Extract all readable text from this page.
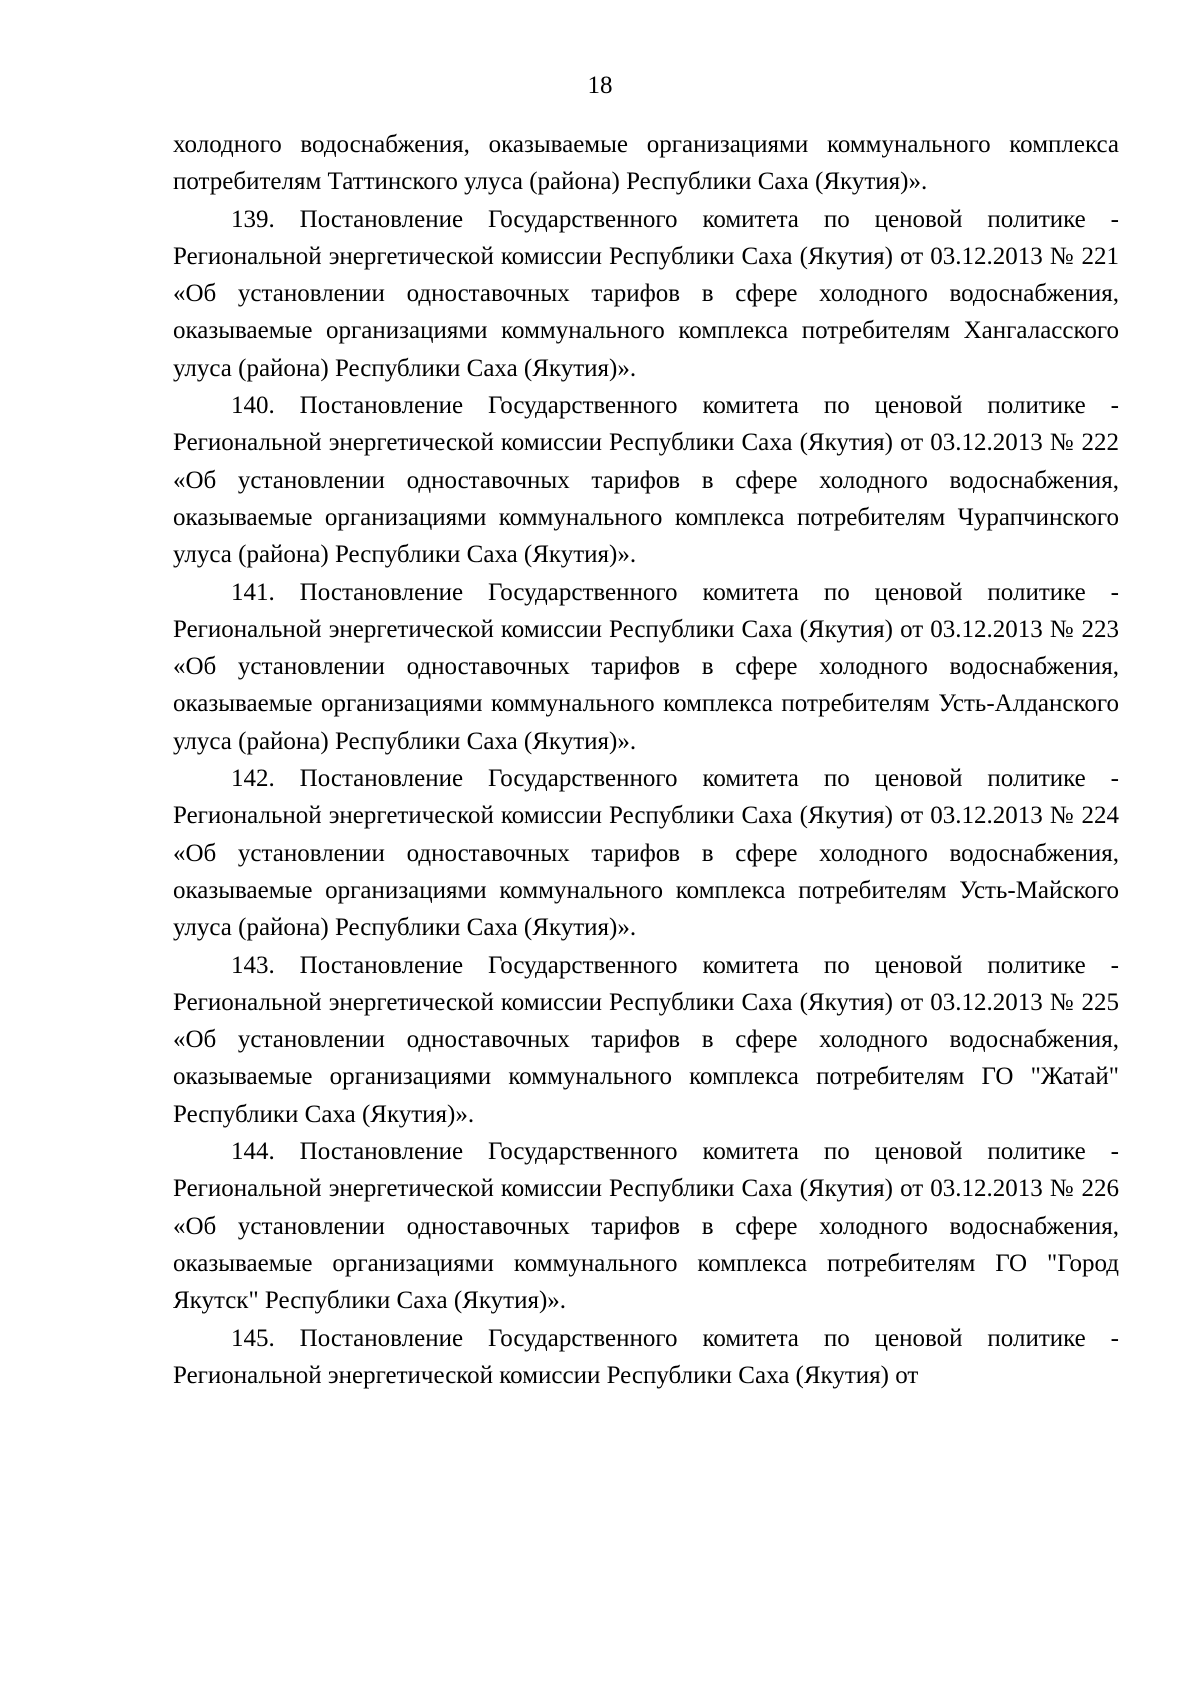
18

холодного водоснабжения, оказываемые организациями коммунального комплекса потребителям Таттинского улуса (района) Республики Саха (Якутия)».

139. Постановление Государственного комитета по ценовой политике - Региональной энергетической комиссии Республики Саха (Якутия) от 03.12.2013 № 221 «Об установлении одноставочных тарифов в сфере холодного водоснабжения, оказываемые организациями коммунального комплекса потребителям Хангаласского улуса (района) Республики Саха (Якутия)».

140. Постановление Государственного комитета по ценовой политике - Региональной энергетической комиссии Республики Саха (Якутия) от 03.12.2013 № 222 «Об установлении одноставочных тарифов в сфере холодного водоснабжения, оказываемые организациями коммунального комплекса потребителям Чурапчинского улуса (района) Республики Саха (Якутия)».

141. Постановление Государственного комитета по ценовой политике - Региональной энергетической комиссии Республики Саха (Якутия) от 03.12.2013 № 223 «Об установлении одноставочных тарифов в сфере холодного водоснабжения, оказываемые организациями коммунального комплекса потребителям Усть-Алданского улуса (района) Республики Саха (Якутия)».

142. Постановление Государственного комитета по ценовой политике - Региональной энергетической комиссии Республики Саха (Якутия) от 03.12.2013 № 224 «Об установлении одноставочных тарифов в сфере холодного водоснабжения, оказываемые организациями коммунального комплекса потребителям Усть-Майского улуса (района) Республики Саха (Якутия)».

143. Постановление Государственного комитета по ценовой политике - Региональной энергетической комиссии Республики Саха (Якутия) от 03.12.2013 № 225 «Об установлении одноставочных тарифов в сфере холодного водоснабжения, оказываемые организациями коммунального комплекса потребителям ГО "Жатай" Республики Саха (Якутия)».

144. Постановление Государственного комитета по ценовой политике - Региональной энергетической комиссии Республики Саха (Якутия) от 03.12.2013 № 226 «Об установлении одноставочных тарифов в сфере холодного водоснабжения, оказываемые организациями коммунального комплекса потребителям ГО "Город Якутск" Республики Саха (Якутия)».

145. Постановление Государственного комитета по ценовой политике - Региональной энергетической комиссии Республики Саха (Якутия) от
